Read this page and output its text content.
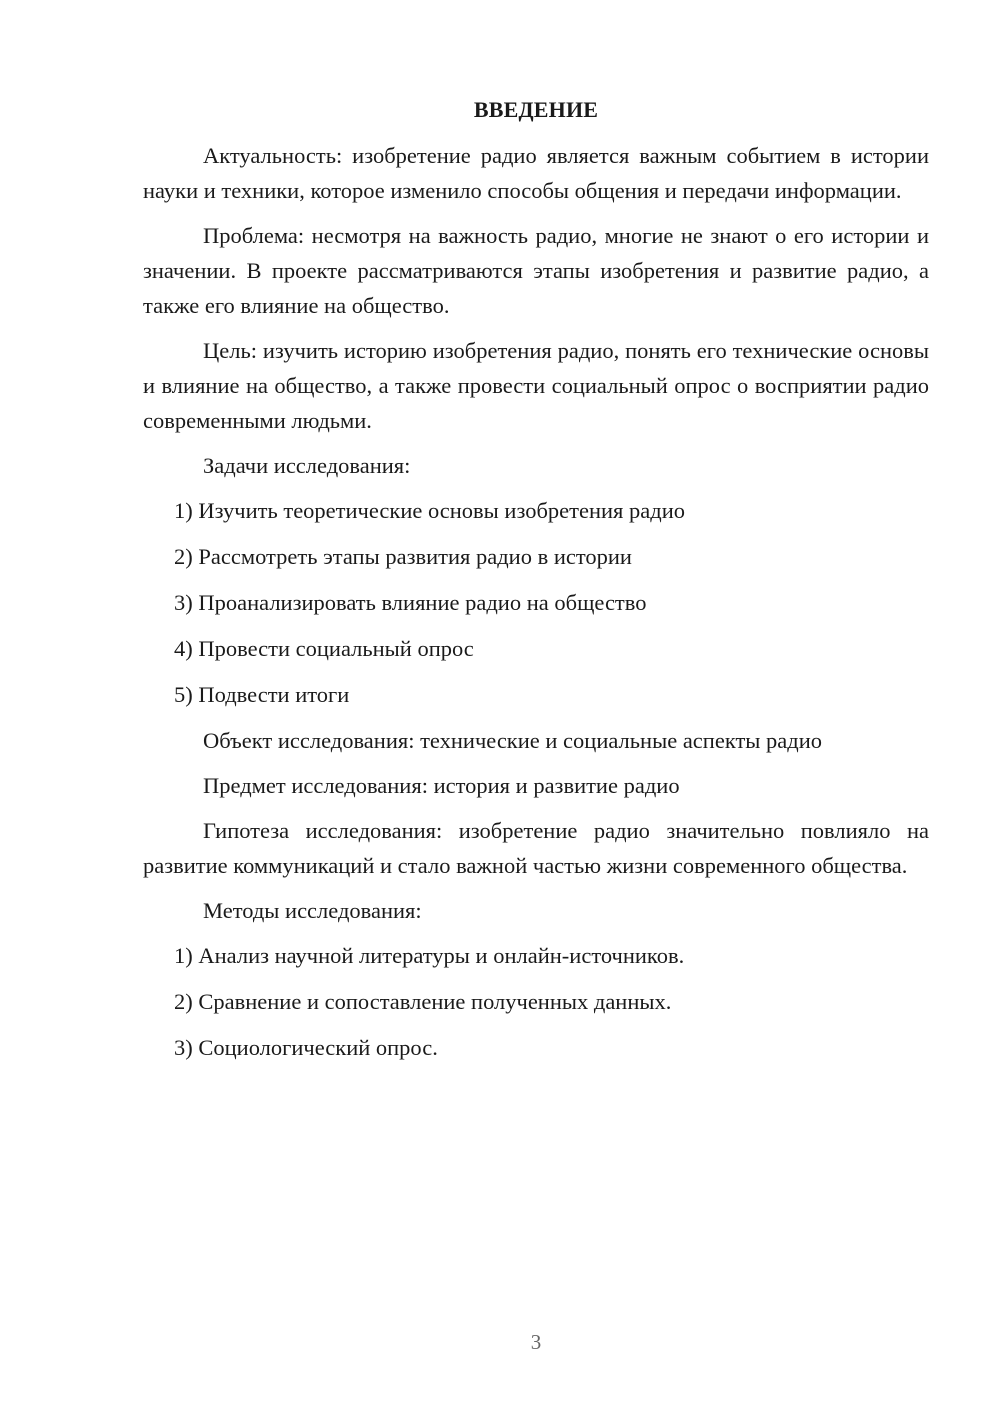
ВВЕДЕНИЕ

Актуальность: изобретение радио является важным событием в истории науки и техники, которое изменило способы общения и передачи информации.

Проблема: несмотря на важность радио, многие не знают о его истории и значении. В проекте рассматриваются этапы изобретения и развитие радио, а также его влияние на общество.

Цель: изучить историю изобретения радио, понять его технические основы и влияние на общество, а также провести социальный опрос о восприятии радио современными людьми.

Задачи исследования:
1) Изучить теоретические основы изобретения радио
2) Рассмотреть этапы развития радио в истории
3) Проанализировать влияние радио на общество
4) Провести социальный опрос
5) Подвести итоги
Объект исследования: технические и социальные аспекты радио
Предмет исследования: история и развитие радио

Гипотеза исследования: изобретение радио значительно повлияло на развитие коммуникаций и стало важной частью жизни современного общества.

Методы исследования:
1) Анализ научной литературы и онлайн-источников.
2) Сравнение и сопоставление полученных данных.
3) Социологический опрос.
3
